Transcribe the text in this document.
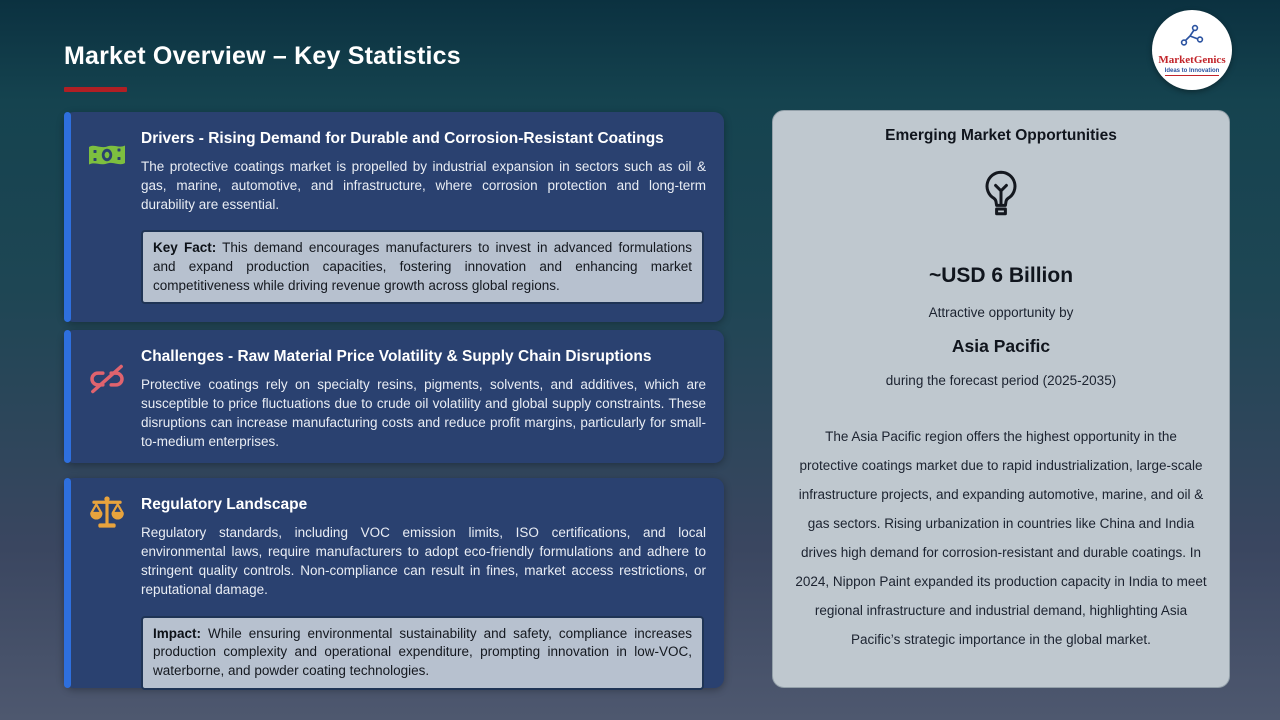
Market Overview – Key Statistics	MarketGenics
Ideas to Innovation
Drivers - Rising Demand for Durable and Corrosion-Resistant Coatings
The protective coatings market is propelled by industrial expansion in sectors such as oil & gas, marine, automotive, and infrastructure, where corrosion protection and long-term durability are essential.
Key Fact: This demand encourages manufacturers to invest in advanced formulations and expand production capacities, fostering innovation and enhancing market competitiveness while driving revenue growth across global regions.
Challenges - Raw Material Price Volatility & Supply Chain Disruptions
Protective coatings rely on specialty resins, pigments, solvents, and additives, which are susceptible to price fluctuations due to crude oil volatility and global supply constraints. These disruptions can increase manufacturing costs and reduce profit margins, particularly for small-to-medium enterprises.
Regulatory Landscape
Regulatory standards, including VOC emission limits, ISO certifications, and local environmental laws, require manufacturers to adopt eco-friendly formulations and adhere to stringent quality controls. Non-compliance can result in fines, market access restrictions, or reputational damage.
Impact: While ensuring environmental sustainability and safety, compliance increases production complexity and operational expenditure, prompting innovation in low-VOC, waterborne, and powder coating technologies.
Emerging Market Opportunities
~USD 6 Billion
Attractive opportunity by
Asia Pacific
during the forecast period (2025-2035)
The Asia Pacific region offers the highest opportunity in the protective coatings market due to rapid industrialization, large-scale infrastructure projects, and expanding automotive, marine, and oil & gas sectors. Rising urbanization in countries like China and India drives high demand for corrosion-resistant and durable coatings. In 2024, Nippon Paint expanded its production capacity in India to meet regional infrastructure and industrial demand, highlighting Asia Pacific’s strategic importance in the global market.
